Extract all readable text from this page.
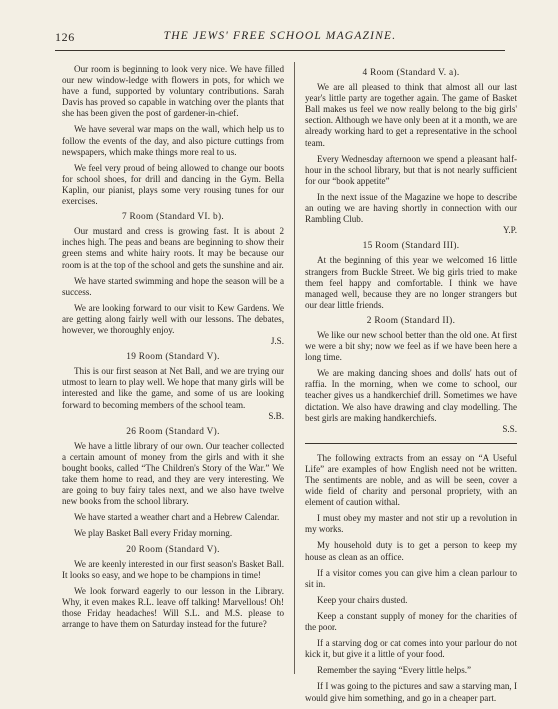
126	THE JEWS' FREE SCHOOL MAGAZINE.

Our room is beginning to look very nice. We have filled our new window-ledge with flowers in pots, for which we have a fund, supported by voluntary contributions. Sarah Davis has proved so capable in watching over the plants that she has been given the post of gardener-in-chief.

We have several war maps on the wall, which help us to follow the events of the day, and also picture cuttings from newspapers, which make things more real to us.

We feel very proud of being allowed to change our boots for school shoes, for drill and dancing in the Gym. Bella Kaplin, our pianist, plays some very rousing tunes for our exercises.

7 Room (Standard VI. b).

Our mustard and cress is growing fast. It is about 2 inches high. The peas and beans are beginning to show their green stems and white hairy roots. It may be because our room is at the top of the school and gets the sunshine and air.

We have started swimming and hope the season will be a success.

We are looking forward to our visit to Kew Gardens. We are getting along fairly well with our lessons. The debates, however, we thoroughly enjoy.
J.S.

19 Room (Standard V).

This is our first season at Net Ball, and we are trying our utmost to learn to play well. We hope that many girls will be interested and like the game, and some of us are looking forward to becoming members of the school team.
S.B.

26 Room (Standard V).

We have a little library of our own. Our teacher collected a certain amount of money from the girls and with it she bought books, called “The Children's Story of the War.” We take them home to read, and they are very interesting. We are going to buy fairy tales next, and we also have twelve new books from the school library.

We have started a weather chart and a Hebrew Calendar.

We play Basket Ball every Friday morning.

20 Room (Standard V).

We are keenly interested in our first season's Basket Ball. It looks so easy, and we hope to be champions in time!

We look forward eagerly to our lesson in the Library. Why, it even makes R.L. leave off talking! Marvellous! Oh! those Friday headaches! Will S.L. and M.S. please to arrange to have them on Saturday instead for the future?

4 Room (Standard V. a).

We are all pleased to think that almost all our last year's little party are together again. The game of Basket Ball makes us feel we now really belong to the big girls' section. Although we have only been at it a month, we are already working hard to get a representative in the school team.

Every Wednesday afternoon we spend a pleasant half-hour in the school library, but that is not nearly sufficient for our “book appetite”

In the next issue of the Magazine we hope to describe an outing we are having shortly in connection with our Rambling Club.
Y.P.

15 Room (Standard III).

At the beginning of this year we welcomed 16 little strangers from Buckle Street. We big girls tried to make them feel happy and comfortable. I think we have managed well, because they are no longer strangers but our dear little friends.

2 Room (Standard II).

We like our new school better than the old one. At first we were a bit shy; now we feel as if we have been here a long time.

We are making dancing shoes and dolls' hats out of raffia. In the morning, when we come to school, our teacher gives us a handkerchief drill. Sometimes we have dictation. We also have drawing and clay modelling. The best girls are making handkerchiefs.
S.S.

The following extracts from an essay on “A Useful Life” are examples of how English need not be written. The sentiments are noble, and as will be seen, cover a wide field of charity and personal propriety, with an element of caution withal.

I must obey my master and not stir up a revolution in my works.

My household duty is to get a person to keep my house as clean as an office.

If a visitor comes you can give him a clean parlour to sit in.

Keep your chairs dusted.

Keep a constant supply of money for the charities of the poor.

If a starving dog or cat comes into your parlour do not kick it, but give it a little of your food.

Remember the saying “Every little helps.”

If I was going to the pictures and saw a starving man, I would give him something, and go in a cheaper part.
